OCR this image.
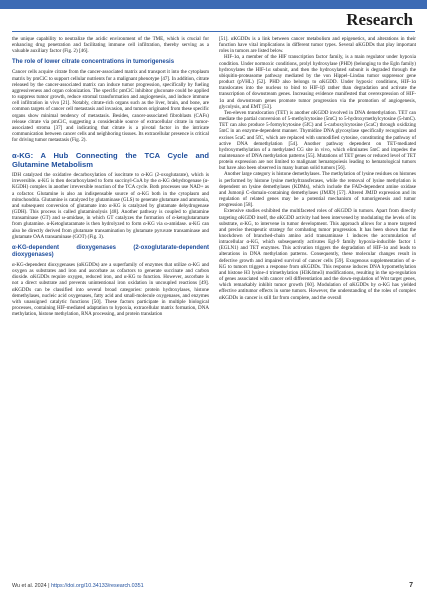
Research

the unique capability to neutralize the acidic environment of the TME, which is crucial for enhancing drug penetration and facilitating immune cell infiltration, thereby serving as a valuable auxiliary factor (Fig. 2) [46].

The role of lower citrate concentrations in tumorigenesis

Cancer cells acquire citrate from the cancer-associated matrix and transport it into the cytoplasm matrix by pmCiC to support cellular nutrients for a malignant phenotype [47]. In addition, citrate released by the cancer-associated matrix can induce tumor progression, specifically by fueling aggressiveness and organ colonization. The specific pmCiC inhibitor gluconate could be applied to suppress tumor growth, reduce stromal transformation and angiogenesis, and induce immune cell infiltration in vivo [21]. Notably, citrate-rich organs such as the liver, brain, and bone, are common targets of cancer cell metastasis and invasion, and tumors originated from these specific organs show minimal tendency of metastasis. Besides, cancer-associated fibroblasts (CAFs) release citrate via pmCiC, suggesting a considerable source of extracellular citrate in tumor-associated stroma [37] and indicating that citrate is a pivotal factor in the intricate communication between cancer cells and neighboring tissues. Its extracellular presence is critical for driving tumor metastasis (Fig. 2).

α-KG: A Hub Connecting the TCA Cycle and Glutamine Metabolism

IDH catalyzed the oxidative decarboxylation of isocitrate to α-KG (2-oxoglutarate), which is irreversible. α-KG is then decarboxylated to form succinyl-CoA by the α-KG dehydrogenase (α-KGDH) complex in another irreversible reaction of the TCA cycle. Both processes use NAD+ as a cofactor. Glutamine is also an indispensable source of α-KG both in the cytoplasm and mitochondria. Glutamine is catalyzed by glutaminase (GLS) to generate glutamate and ammonia, and subsequent conversion of glutamate into α-KG is catalyzed by glutamate dehydrogenase (GDH). This process is called glutaminolysis [48]. Another pathway is coupled to glutamine transaminase (GT) and ω-amidase, in which GT catalyzes the formation of α-ketoglutaramate from glutamine. α-Ketoglutaramate is then hydrolyzed to form α-KG via ω-amidase. α-KG can also be directly derived from glutamate transamination by glutamate pyruvate transaminase and glutamate OAA transaminase (GOT) (Fig. 3).

α-KG-dependent dioxygenases (2-oxoglutarate-dependent dioxygenases)

α-KG-dependent dioxygenases (αKGDDs) are a superfamily of enzymes that utilize α-KG and oxygen as substrates and iron and ascorbate as cofactors to generate succinate and carbon dioxide. αKGDDs require oxygen, reduced iron, and α-KG to function. However, ascorbate is not a direct substrate and prevents unintentional iron oxidation in uncoupled reactions [49]. αKGDDs can be classified into several broad categories: protein hydroxylases, histone demethylases, nucleic acid oxygenases, fatty acid and small-molecule oxygenases, and enzymes with unassigned catalytic functions [50]. These factors participate in multiple biological processes, containing HIF-mediated adaptation to hypoxia, extracellular matrix formation, DNA methylation, histone methylation, RNA processing, and protein translation

[51]. αKGDDs is a link between cancer metabolism and epigenetics, and alterations in their function have vital implications in different tumor types. Several αKGDDs that play important roles in tumors are listed below.

HIF-1α, a member of the HIF transcription factor family, is a main regulator under hypoxia condition. Under normoxic conditions, prolyl hydroxylase (PHD) (belonging to the Egln family) hydroxylates the HIF-1α subunit, and then the hydroxylated subunit is degraded through the ubiquitin-proteasome pathway mediated by the von Hippel–Lindau tumor suppressor gene product (pVHL) [52]. PHD also belongs to αKGDD. Under hypoxic conditions, HIF-1α translocates into the nucleus to bind to HIF-1β rather than degradation and activate the transcription of downstream genes. Increasing evidence manifested that overexpression of HIF-1α and downstream genes promote tumor progression via the promotion of angiogenesis, glycolysis, and EMT [53].

Ten-eleven translocation (TET) is another αKGDD involved in DNA demethylation. TET can mediate the partial conversion of 5-methylcytosine (5mC) to 5-hydroxymethylcytosine (5-hmC). TET can also produce 5-formylcytosine (5fC) and 5-carboxylcytosine (5caC) through oxidizing 5mC in an enzyme-dependent manner. Thymidine DNA glycosylase specifically recognizes and excises 5caC and 5fC, which are replaced with unmodified cytosine, constituting the pathway of active DNA demethylation [54]. Another pathway dependent on TET-mediated hydroxymethylation of a methylated CG site in vivo, which eliminates 5mC and impedes the maintenance of DNA methylation patterns [55]. Mutations of TET genes or reduced level of TET protein expression are not limited to malignant hematopoiesis leading to hematological tumors but have also been observed in many human solid tumors [56].

Another large category is histone demethylases. The methylation of lysine residues on histones is performed by histone lysine methyltransferases, while the removal of lysine methylation is dependent on lysine demethylases (KDMs), which include the FAD-dependent amine oxidase and Jumonji C-domain-containing demethylases (JMJD) [57]. Altered JMJD expression and its regulation of related genes may be a potential mechanism of tumorigenesis and tumor progression [58].

Extensive studies exhibited the multifaceted roles of αKGDD in tumors. Apart from directly targeting αKGDD itself, the αKGDD activity had been intervened by modulating the levels of its substrate, α-KG, to intervene in tumor development. This approach allows for a more targeted and precise therapeutic strategy for combating tumor progression. It has been shown that the knockdown of branched-chain amino acid transaminase 1 induces the accumulation of intracellular α-KG, which subsequently activates Egl-9 family hypoxia-inducible factor 1 (EGLN1) and TET enzymes. This activation triggers the degradation of HIF-1α and leads to alterations in DNA methylation patterns. Consequently, these molecular changes result in defective growth and impaired survival of cancer cells [59]. Exogenous supplementation of α-KG to tumors triggers a response from αKGDDs. This response induces DNA hypomethylation and histone H3 lysine-4 trimethylation (H3K4me3) modifications, resulting in the up-regulation of genes associated with cancer cell differentiation and the down-regulation of Wnt target genes, which remarkably inhibit tumor growth [60]. Modulation of αKGDDs by α-KG has yielded effective antitumor effects in some tumors. However, the understanding of the roles of complex αKGDDs in cancer is still far from complete, and the overall

Wu et al. 2024 | https://doi.org/10.34133/research.0351	7
